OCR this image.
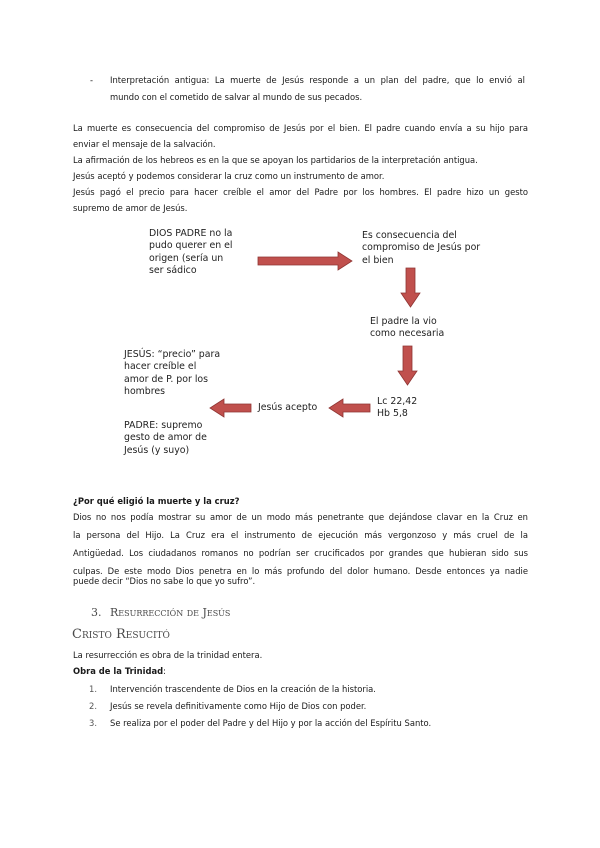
- Interpretación antigua: La muerte de Jesús responde a un plan del padre, que lo envió al
mundo con el cometido de salvar al mundo de sus pecados.
La muerte es consecuencia del compromiso de Jesús por el bien. El padre cuando envía a su hijo para
enviar el mensaje de la salvación.
La afirmación de los hebreos es en la que se apoyan los partidarios de la interpretación antigua.
Jesús aceptó y podemos considerar la cruz como un instrumento de amor.
Jesús pagó el precio para hacer creíble el amor del Padre por los hombres. El padre hizo un gesto
supremo de amor de Jesús.
DIOS PADRE no la
pudo querer en el
origen (sería un
ser sádico
Es consecuencia del
compromiso de Jesús por
el bien
El padre la vio
como necesaria
Lc 22,42
Hb 5,8
Jesús acepto
JESÚS: “precio” para
hacer creíble el
amor de P. por los
hombres
PADRE: supremo
gesto de amor de
Jesús (y suyo)
¿Por qué eligió la muerte y la cruz?
Dios no nos podía mostrar su amor de un modo más penetrante que dejándose clavar en la Cruz en
la persona del Hijo. La Cruz era el instrumento de ejecución más vergonzoso y más cruel de la
Antigüedad. Los ciudadanos romanos no podrían ser crucificados por grandes que hubieran sido sus
culpas. De este modo Dios penetra en lo más profundo del dolor humano. Desde entonces ya nadie
puede decir “Dios no sabe lo que yo sufro”.
3. Resurrección de Jesús
Cristo Resucitó
La resurrección es obra de la trinidad entera.
Obra de la Trinidad:
1. Intervención trascendente de Dios en la creación de la historia.
2. Jesús se revela definitivamente como Hijo de Dios con poder.
3. Se realiza por el poder del Padre y del Hijo y por la acción del Espíritu Santo.
